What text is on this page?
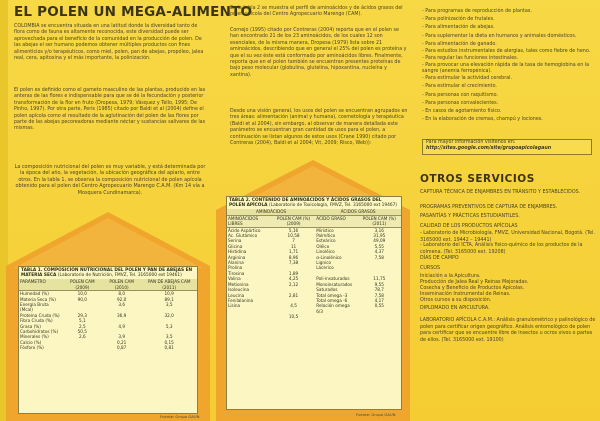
EL POLEN UN MEGA-ALIMENTO
COLOMBIA se encuentra situada en una latitud donde la diversidad tanto de flora como de fauna es altamente reconocida, este diversidad puede ser aprovechada para el beneficio de la comunidad en la producción de polen. De las abejas el ser humano podemos obtener múltiples productos con fines alimenticios y/o terapéuticos, como miel, polen, pan de abejas, propóleo, jalea real, cera, apitoxina y el más importante, la polinización.
El polen es definido como el gameto masculino de las plantas, producido en las anteras de las flores e indispensable para que se dé la fecundación y posterior transformación de la flor en fruto (Dropesa, 1979; Vásquez y Tello, 1995; De Pinho, 1997). Por otra parte, Peris (1985) citado por Baldi et al (2004) define el polen apícola como el resultado de la aglutinación del polen de las flores por parte de las abejas pecoreadoras mediante néctar y sustancias salivares de las mismas.
La composición nutricional del polen es muy variable, y está determinada por la época del año, la vegetación, la ubicación geográfica del apiario, entre otros. En la tabla 1, se observa la composición nutricional de polen apícola obtenido para el polen del Centro Agropecuario Marengo C.A.M. (Km 14 vía a Mosquera Cundinamarca).
TABLA 1. COMPOSICIÓN NUTRICIONAL DEL POLEN Y PAN DE ABEJAS EN MATERIA SECA (Laboratorio de Nutrición, FMVZ, Tel. 3165000 ext 19461)
PARÁMETRO	POLEN CAM (2009)	POLEN CAM (2010)	PAN DE ABEJAS CAM (2011)
Humedad (%)	10,0	8,0	10,9
Materia Seca (%)	90,0	92,0	89,1
Energía Bruta (Mcal)		3,6	3,5
Proteína Cruda (%)	29,3	36,9	32,0
Fibra Cruda (%)	5,1		
Grasa (%)	2,5	4,9	5,3
Carbohidratos (%)	50,5		
Minerales (%)	2,6	3,9	3,5
Calcio (%)		0,21	0,15
Fósforo (%)		0,87	0,81
Fuente: Grupo GAUN
En la tabla 2 se muestra el perfil de aminoácidos y de ácidos grasos del polen apícola del Centro Agropecuario Marengo (CAM).
Cornejo (1995) citado por Contreras (2004) reporta que en el polen se han encontrado 21 de los 23 aminoácidos, de los cuales 12 son esenciales, de la misma manera, Dropesa (1979) lista sobre 21 aminoácidos, describiendo que en general el 25% del polen es proteína y que el su vez éste está conformado por aminoácidos libres. Finalmente, reporta que en el polen también se encuentran presentes proteínas de bajo peso molecular (globulina, glutelina, hipoxantina, nucleína y xantina).
Desde una visión general, los usos del polen se encuentran agrupados en tres áreas: alimentación (animal y humana), cosmetología y terapéutica (Baldi et al 2004), sin embargo, al observar de manera detallada este parámetro se encuentran gran cantidad de usos para el polen, a continuación se listan algunos de estos usos (Crane 1990) citado por Contreras (2004), Baldi et al 2004; Vit, 2009; Risco, Web)):
TABLA 2. CONTENIDO DE AMINOÁCIDOS Y ÁCIDOS GRASOS DEL POLEN APÍCOLA (Laboratorio de Toxicología, FMVZ, Tel. 3165000 ext 19467)
AMINOÁCIDOS		ÁCIDOS GRASOS	
AMINOÁCIDOS LIBRES	POLEN CAM (%) (2009)	ÁCIDO GRASO	POLEN CAM (%) (2011)
Ácido Aspártico	5,16	Mirístico	3,16
Ac. Glutámico	10,58	Palmítico	31,95
Serina	7	Esteárico	49,09
Glicina	11	Oléico	5,55
Histidina	1,71	Linoléico	4,37
Arginina	8,96	α-Linolénico	7,58
Alanina	7,38	Lignico	
Prolina		Lácerico	
Tirosina	1,89		
Valina	4,25	Poli-insaturados	11,75
Metionina	2,12	Monoinsaturados	9,55
Isoleucina		Saturados	78,7
Leucina	2,81	Total omega -3	7,58
Fenilalanina		Total omega -6	4,17
Lisina	4,5	Relación omega 6/3	0,55
	10,5		
Fuente: Grupo GAUN
- Para programas de reproducción de plantas.
- Para polinización de frutales.
- Para alimentación de abejas.
- Para suplementar la dieta en humanos y animales domésticos.
- Para alimentación de ganado.
- Para estudios instrumentales de alergias, tales como fiebre de heno.
- Para regular las funciones intestinales.
- Para provocar una elevación rápida de la tasa de hemoglobina en la sangre (anemia ferropénica).
- Para estimular la actividad cerebral.
- Para estimular el crecimiento.
- Para personas con raquitismo.
- Para personas convalecientes.
- En casos de agotamiento físico.
- En la elaboración de cremas, champú y lociones.
Para mayor información visítenos en:
http://sites.google.com/site/grupoapicolagaun
OTROS SERVICIOS
CAPTURA TÉCNICA DE ENJAMBRES EN TRÁNSITO Y ESTABLECIDOS.
PROGRAMAS PREVENTIVOS DE CAPTURA DE ENJAMBRES.
PASANTÍAS Y PRÁCTICAS ESTUDIANTILES.
CALIDAD DE LOS PRODUCTOS APÍCOLAS
- Laboratorio de Microbiología, FMVZ, Universidad Nacional, Bogotá. (Tel. 3165000 ext. 19442 – 19441)
- Laboratorio del ICTA, Análisis fisico-químico de los productos de la colmena. (Tel. 3165000 ext. 19208)
DÍAS DE CAMPO
CURSOS
Iniciación a la Apicultura.
Producción de Jalea Real y Reinas Mejoradas.
Cosecha y Beneficio de Productos Apícolas.
Inseminación Instrumental de Reinas.
Otros cursos a su disposición.
DIPLOMADO EN APICULTURA.
LABORATORIO APÍCOLA C.A.M.: Análisis granulométrico y palinológico de polen para certificar origen geográfico. Análisis entomológico de polen para certificar que se encuentre libre de insectos u ocros vivos o partes de ellos. (Tel. 3165000 ext. 19100)
